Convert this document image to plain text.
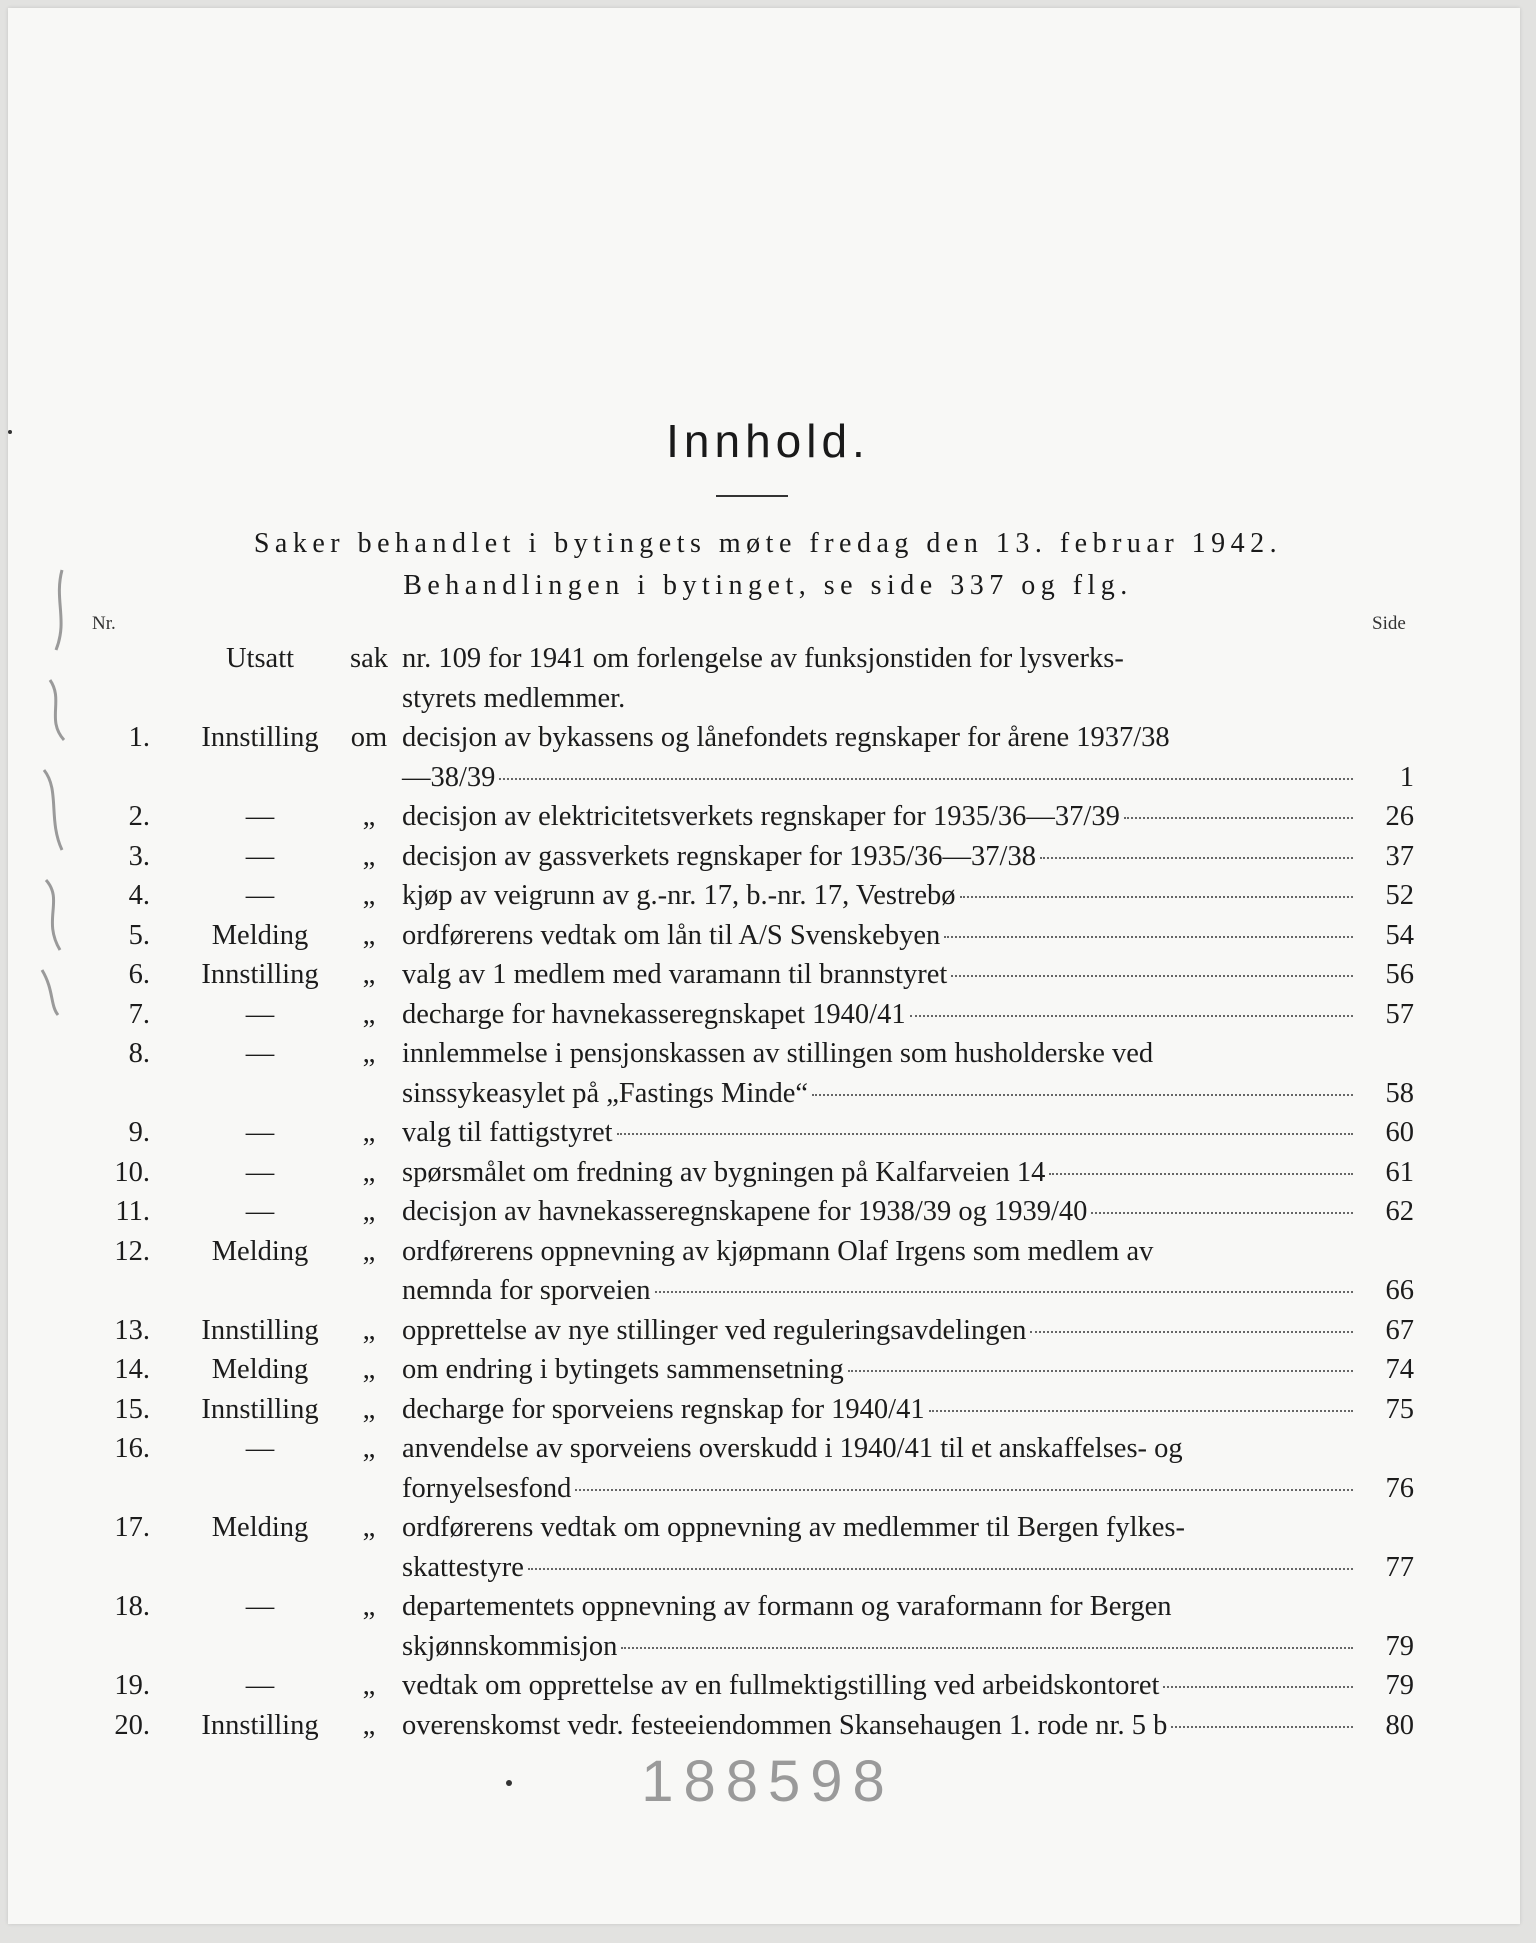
Innhold.
Saker behandlet i bytingets møte fredag den 13. februar 1942.
Behandlingen i bytinget, se side 337 og flg.
Nr.	Side
Utsatt	sak nr. 109 for 1941 om forlengelse av funksjonstiden for lysverks-
styrets medlemmer.
1.	Innstilling	om decisjon av bykassens og lånefondets regnskaper for årene 1937/38
—38/39	1
2.	—	„ decisjon av elektricitetsverkets regnskaper for 1935/36—37/39	26
3.	—	„ decisjon av gassverkets regnskaper for 1935/36—37/38	37
4.	—	„ kjøp av veigrunn av g.-nr. 17, b.-nr. 17, Vestrebø	52
5.	Melding	„ ordførerens vedtak om lån til A/S Svenskebyen	54
6.	Innstilling	„ valg av 1 medlem med varamann til brannstyret	56
7.	—	„ decharge for havnekasseregnskapet 1940/41	57
8.	—	„ innlemmelse i pensjonskassen av stillingen som husholderske ved
sinssykeasylet på „Fastings Minde“	58
9.	—	„ valg til fattigstyret	60
10.	—	„ spørsmålet om fredning av bygningen på Kalfarveien 14	61
11.	—	„ decisjon av havnekasseregnskapene for 1938/39 og 1939/40	62
12.	Melding	„ ordførerens oppnevning av kjøpmann Olaf Irgens som medlem av
nemnda for sporveien	66
13.	Innstilling	„ opprettelse av nye stillinger ved reguleringsavdelingen	67
14.	Melding	„ om endring i bytingets sammensetning	74
15.	Innstilling	„ decharge for sporveiens regnskap for 1940/41	75
16.	—	„ anvendelse av sporveiens overskudd i 1940/41 til et anskaffelses- og
fornyelsesfond	76
17.	Melding	„ ordførerens vedtak om oppnevning av medlemmer til Bergen fylkes-
skattestyre	77
18.	—	„ departementets oppnevning av formann og varaformann for Bergen
skjønnskommisjon	79
19.	—	„ vedtak om opprettelse av en fullmektigstilling ved arbeidskontoret	79
20.	Innstilling	„ overenskomst vedr. festeeiendommen Skansehaugen 1. rode nr. 5 b	80
188598
